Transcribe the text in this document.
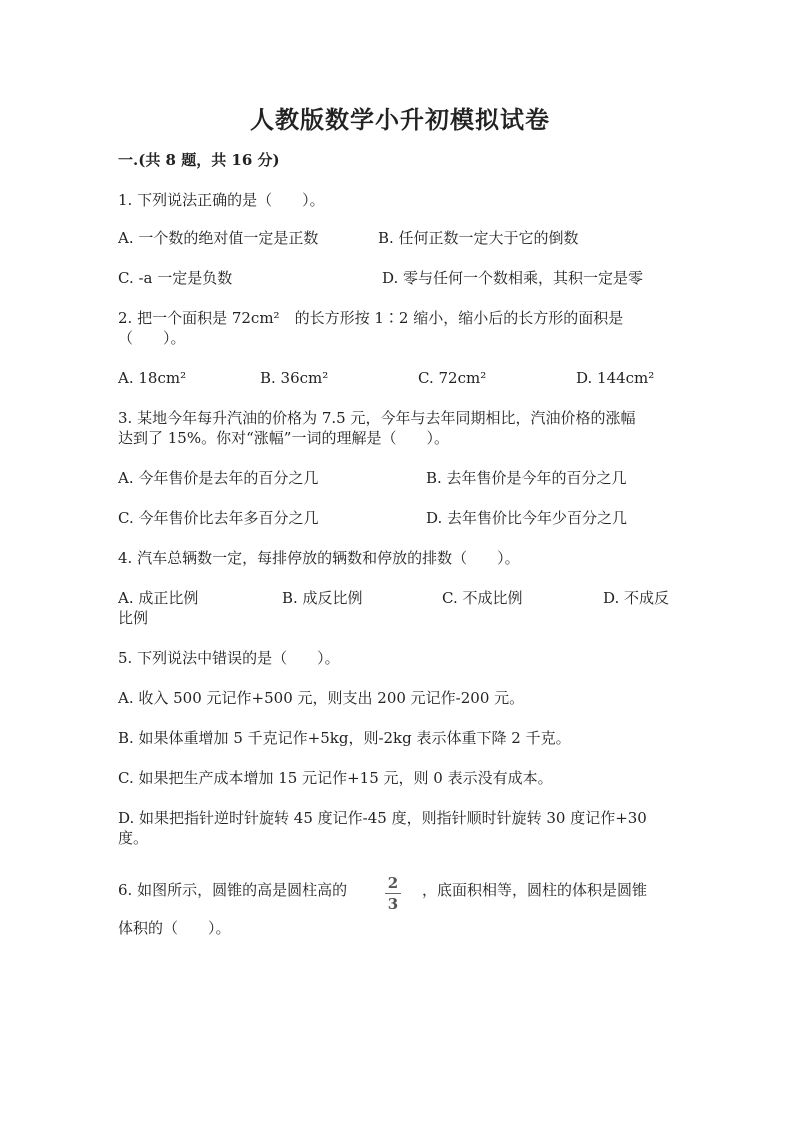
人教版数学小升初模拟试卷
一.(共 8 题，共 16 分)
1. 下列说法正确的是（　　）。
A. 一个数的绝对值一定是正数	B. 任何正数一定大于它的倒数
C. -a 一定是负数	D. 零与任何一个数相乘，其积一定是零
2. 把一个面积是 72cm²　的长方形按 1∶2 缩小，缩小后的长方形的面积是
（　　）。
A. 18cm²	B. 36cm²	C. 72cm²	D. 144cm²
3. 某地今年每升汽油的价格为 7.5 元，今年与去年同期相比，汽油价格的涨幅
达到了 15%。你对“涨幅”一词的理解是（　　）。
A. 今年售价是去年的百分之几	B. 去年售价是今年的百分之几
C. 今年售价比去年多百分之几	D. 去年售价比今年少百分之几
4. 汽车总辆数一定，每排停放的辆数和停放的排数（　　）。
A. 成正比例	B. 成反比例	C. 不成比例	D. 不成反
比例
5. 下列说法中错误的是（　　）。
A. 收入 500 元记作+500 元，则支出 200 元记作-200 元。
B. 如果体重增加 5 千克记作+5kg，则-2kg 表示体重下降 2 千克。
C. 如果把生产成本增加 15 元记作+15 元，则 0 表示没有成本。
D. 如果把指针逆时针旋转 45 度记作-45 度，则指针顺时针旋转 30 度记作+30
度。
6. 如图所示，圆锥的高是圆柱高的	2
3
，底面积相等，圆柱的体积是圆锥
体积的（　　）。
